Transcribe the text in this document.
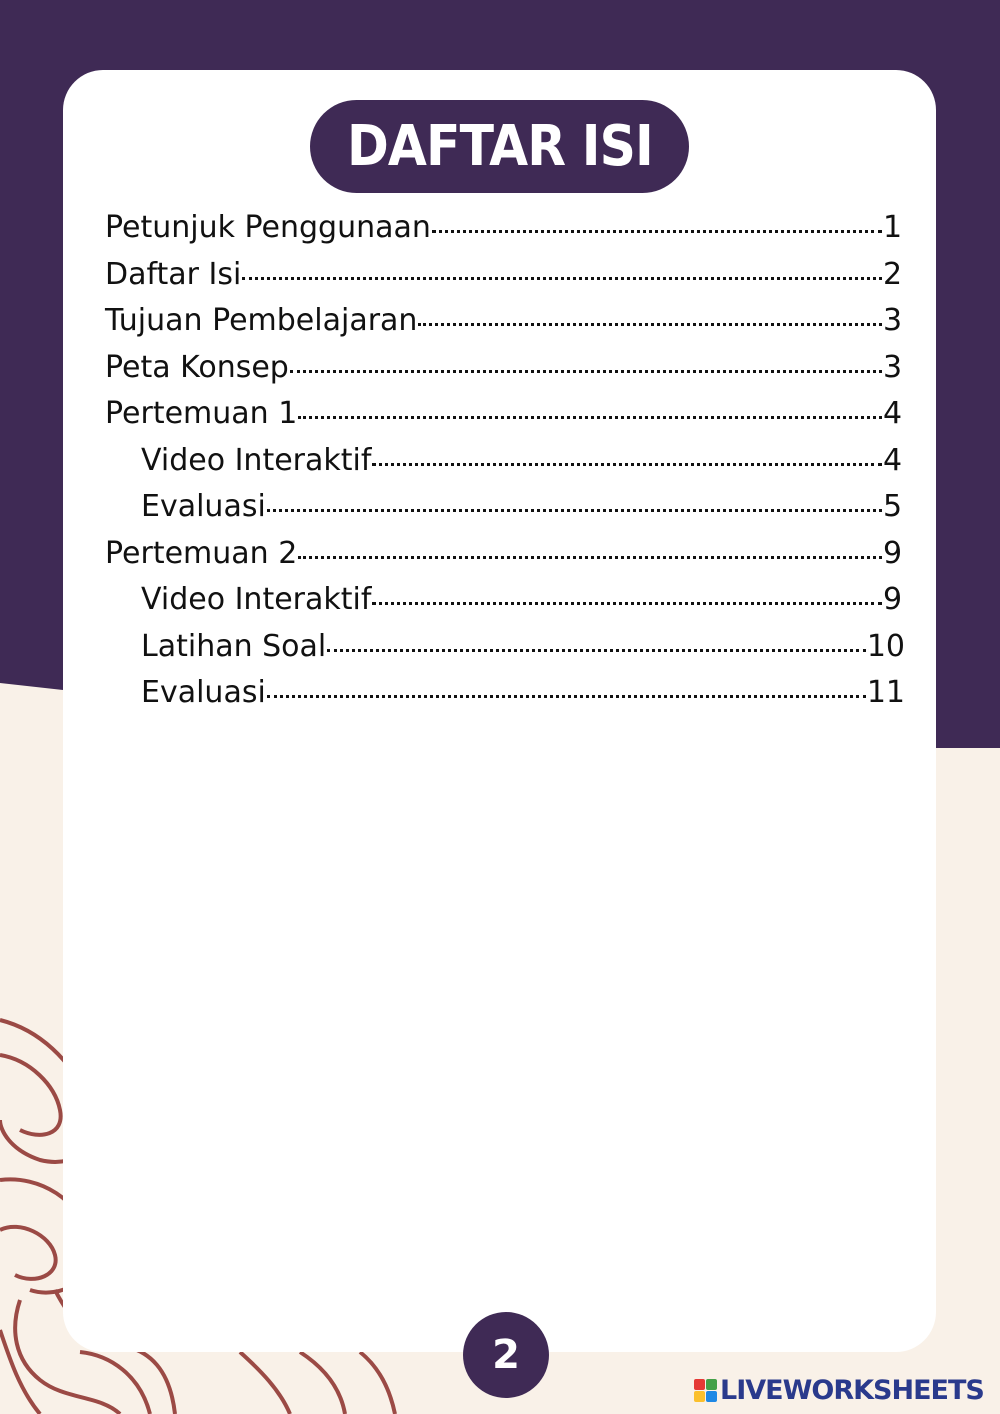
DAFTAR ISI
Petunjuk Penggunaan	1
Daftar Isi	2
Tujuan Pembelajaran	3
Peta Konsep	3
Pertemuan 1	4
Video Interaktif	4
Evaluasi	5
Pertemuan 2	9
Video Interaktif	9
Latihan Soal	10
Evaluasi	11
2
LIVEWORKSHEETS
